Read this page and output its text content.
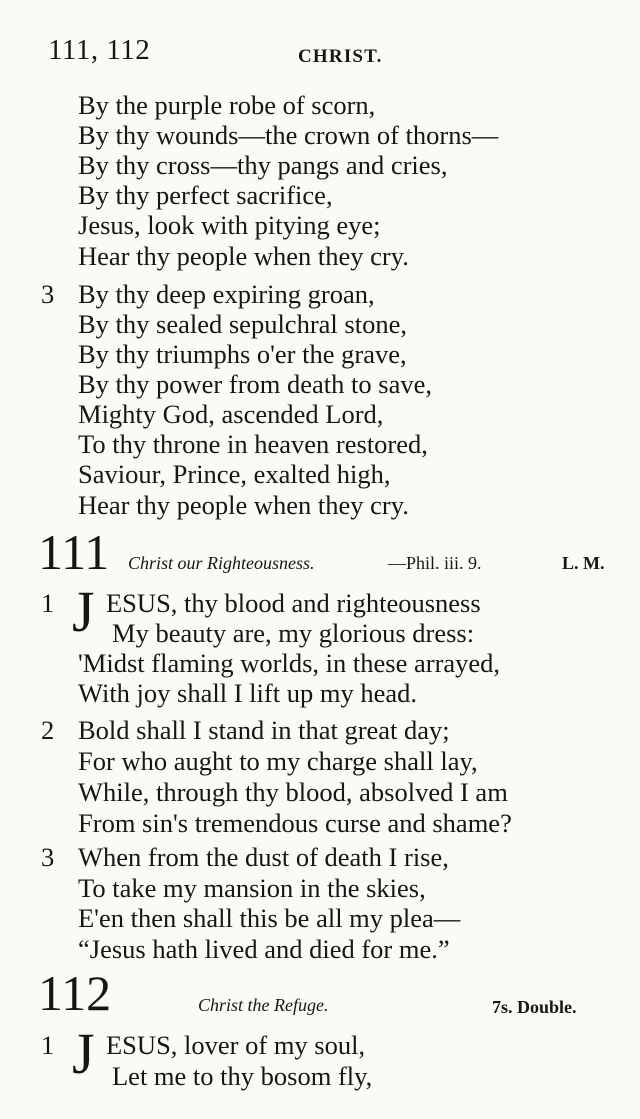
111, 112	CHRIST.
By the purple robe of scorn,
By thy wounds—the crown of thorns—
By thy cross—thy pangs and cries,
By thy perfect sacrifice,
Jesus, look with pitying eye;
Hear thy people when they cry.
3 By thy deep expiring groan,
By thy sealed sepulchral stone,
By thy triumphs o'er the grave,
By thy power from death to save,
Mighty God, ascended Lord,
To thy throne in heaven restored,
Saviour, Prince, exalted high,
Hear thy people when they cry.
111 Christ our Righteousness.	—Phil. iii. 9.	L. M.
1 J ESUS, thy blood and righteousness
My beauty are, my glorious dress:
'Midst flaming worlds, in these arrayed,
With joy shall I lift up my head.
2 Bold shall I stand in that great day;
For who aught to my charge shall lay,
While, through thy blood, absolved I am
From sin's tremendous curse and shame?
3 When from the dust of death I rise,
To take my mansion in the skies,
E'en then shall this be all my plea—
“Jesus hath lived and died for me.”
112	Christ the Refuge.	7s. Double.
1 J ESUS, lover of my soul,
Let me to thy bosom fly,
